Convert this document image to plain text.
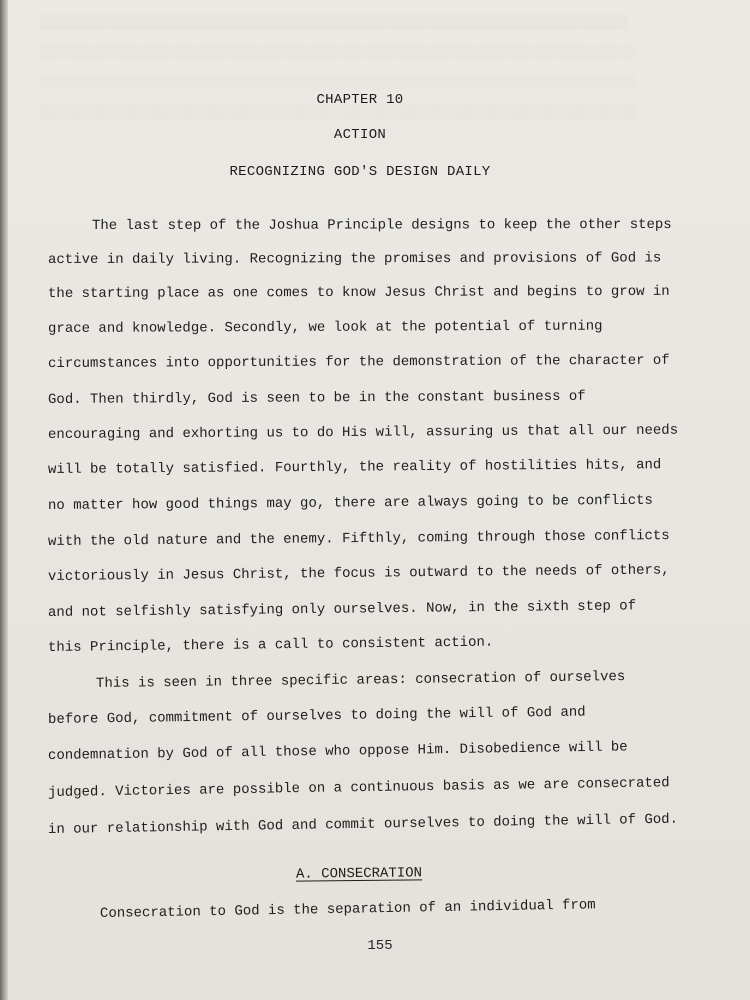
▒▒▒▒▒▒▒▒▒▒▒▒▒▒▒▒▒▒▒▒▒▒▒▒▒▒▒▒▒▒▒▒▒▒▒▒▒▒▒▒▒▒▒▒▒▒▒▒▒▒▒▒▒▒▒▒▒▒▒▒▒▒▒▒▒▒▒▒▒▒
░░░░░░░░░░░░░░░░░░░░░░░░░░░░░░░░░░░░░░░░░░░░░░░░░░░░░░░░░░░░░░░░░░░░░░░
░░░░░░░░░░░░░░░░░░░░░░░░░░░░░░░░░░░░░░░░░░░░░░░░░░░░░░░░░░░░░░░░░░░░░░░
░░░░░░░░░░░░░░░░░░░░░░░░░░░░░░░░░░░░░░░░░░░░░░░░░░░░░░░░░░░░░░░░░░░░░░░
CHAPTER 10
ACTION
RECOGNIZING GOD'S DESIGN DAILY
The last step of the Joshua Principle designs to keep the other steps
active in daily living. Recognizing the promises and provisions of God is
the starting place as one comes to know Jesus Christ and begins to grow in
grace and knowledge. Secondly, we look at the potential of turning
circumstances into opportunities for the demonstration of the character of
God. Then thirdly, God is seen to be in the constant business of
encouraging and exhorting us to do His will, assuring us that all our needs
will be totally satisfied. Fourthly, the reality of hostilities hits, and
no matter how good things may go, there are always going to be conflicts
with the old nature and the enemy. Fifthly, coming through those conflicts
victoriously in Jesus Christ, the focus is outward to the needs of others,
and not selfishly satisfying only ourselves. Now, in the sixth step of
this Principle, there is a call to consistent action.
This is seen in three specific areas: consecration of ourselves
before God, commitment of ourselves to doing the will of God and
condemnation by God of all those who oppose Him. Disobedience will be
judged. Victories are possible on a continuous basis as we are consecrated
in our relationship with God and commit ourselves to doing the will of God.
A. CONSECRATION
Consecration to God is the separation of an individual from
155
